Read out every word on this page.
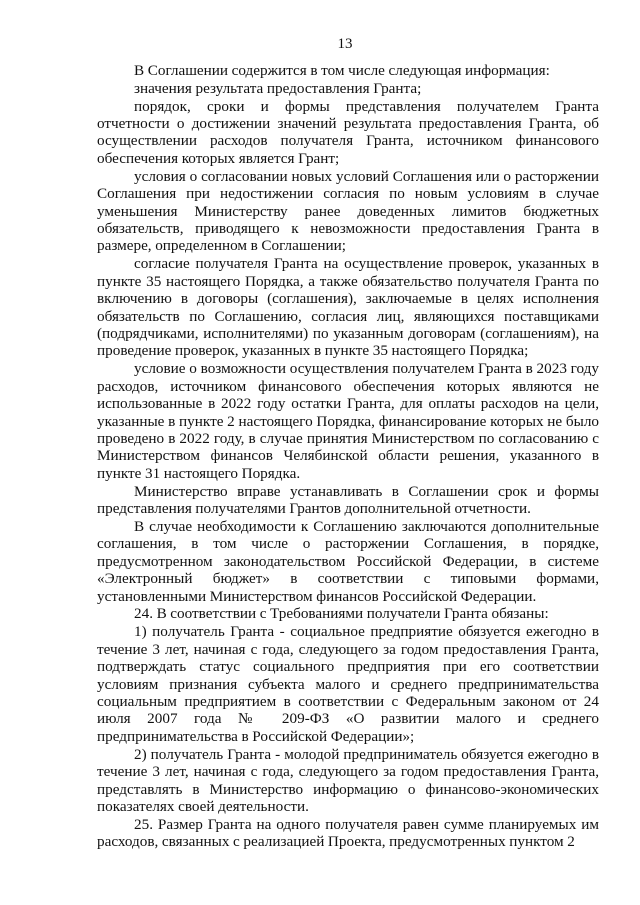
13

В Соглашении содержится в том числе следующая информация:

значения результата предоставления Гранта;

порядок, сроки и формы представления получателем Гранта отчетности о достижении значений результата предоставления Гранта, об осуществлении расходов получателя Гранта, источником финансового обеспечения которых является Грант;

условия о согласовании новых условий Соглашения или о расторжении Соглашения при недостижении согласия по новым условиям в случае уменьшения Министерству ранее доведенных лимитов бюджетных обязательств, приводящего к невозможности предоставления Гранта в размере, определенном в Соглашении;

согласие получателя Гранта на осуществление проверок, указанных в пункте 35 настоящего Порядка, а также обязательство получателя Гранта по включению в договоры (соглашения), заключаемые в целях исполнения обязательств по Соглашению, согласия лиц, являющихся поставщиками (подрядчиками, исполнителями) по указанным договорам (соглашениям), на проведение проверок, указанных в пункте 35 настоящего Порядка;

условие о возможности осуществления получателем Гранта в 2023 году расходов, источником финансового обеспечения которых являются не использованные в 2022 году остатки Гранта, для оплаты расходов на цели, указанные в пункте 2 настоящего Порядка, финансирование которых не было проведено в 2022 году, в случае принятия Министерством по согласованию с Министерством финансов Челябинской области решения, указанного в пункте 31 настоящего Порядка.

Министерство вправе устанавливать в Соглашении срок и формы представления получателями Грантов дополнительной отчетности.

В случае необходимости к Соглашению заключаются дополнительные соглашения, в том числе о расторжении Соглашения, в порядке, предусмотренном законодательством Российской Федерации, в системе «Электронный бюджет» в соответствии с типовыми формами, установленными Министерством финансов Российской Федерации.

24. В соответствии с Требованиями получатели Гранта обязаны:

1) получатель Гранта - социальное предприятие обязуется ежегодно в течение 3 лет, начиная с года, следующего за годом предоставления Гранта, подтверждать статус социального предприятия при его соответствии условиям признания субъекта малого и среднего предпринимательства социальным предприятием в соответствии с Федеральным законом от 24 июля 2007 года № 209-ФЗ «О развитии малого и среднего предпринимательства в Российской Федерации»;

2) получатель Гранта - молодой предприниматель обязуется ежегодно в течение 3 лет, начиная с года, следующего за годом предоставления Гранта, представлять в Министерство информацию о финансово-экономических показателях своей деятельности.

25. Размер Гранта на одного получателя равен сумме планируемых им расходов, связанных с реализацией Проекта, предусмотренных пунктом 2
